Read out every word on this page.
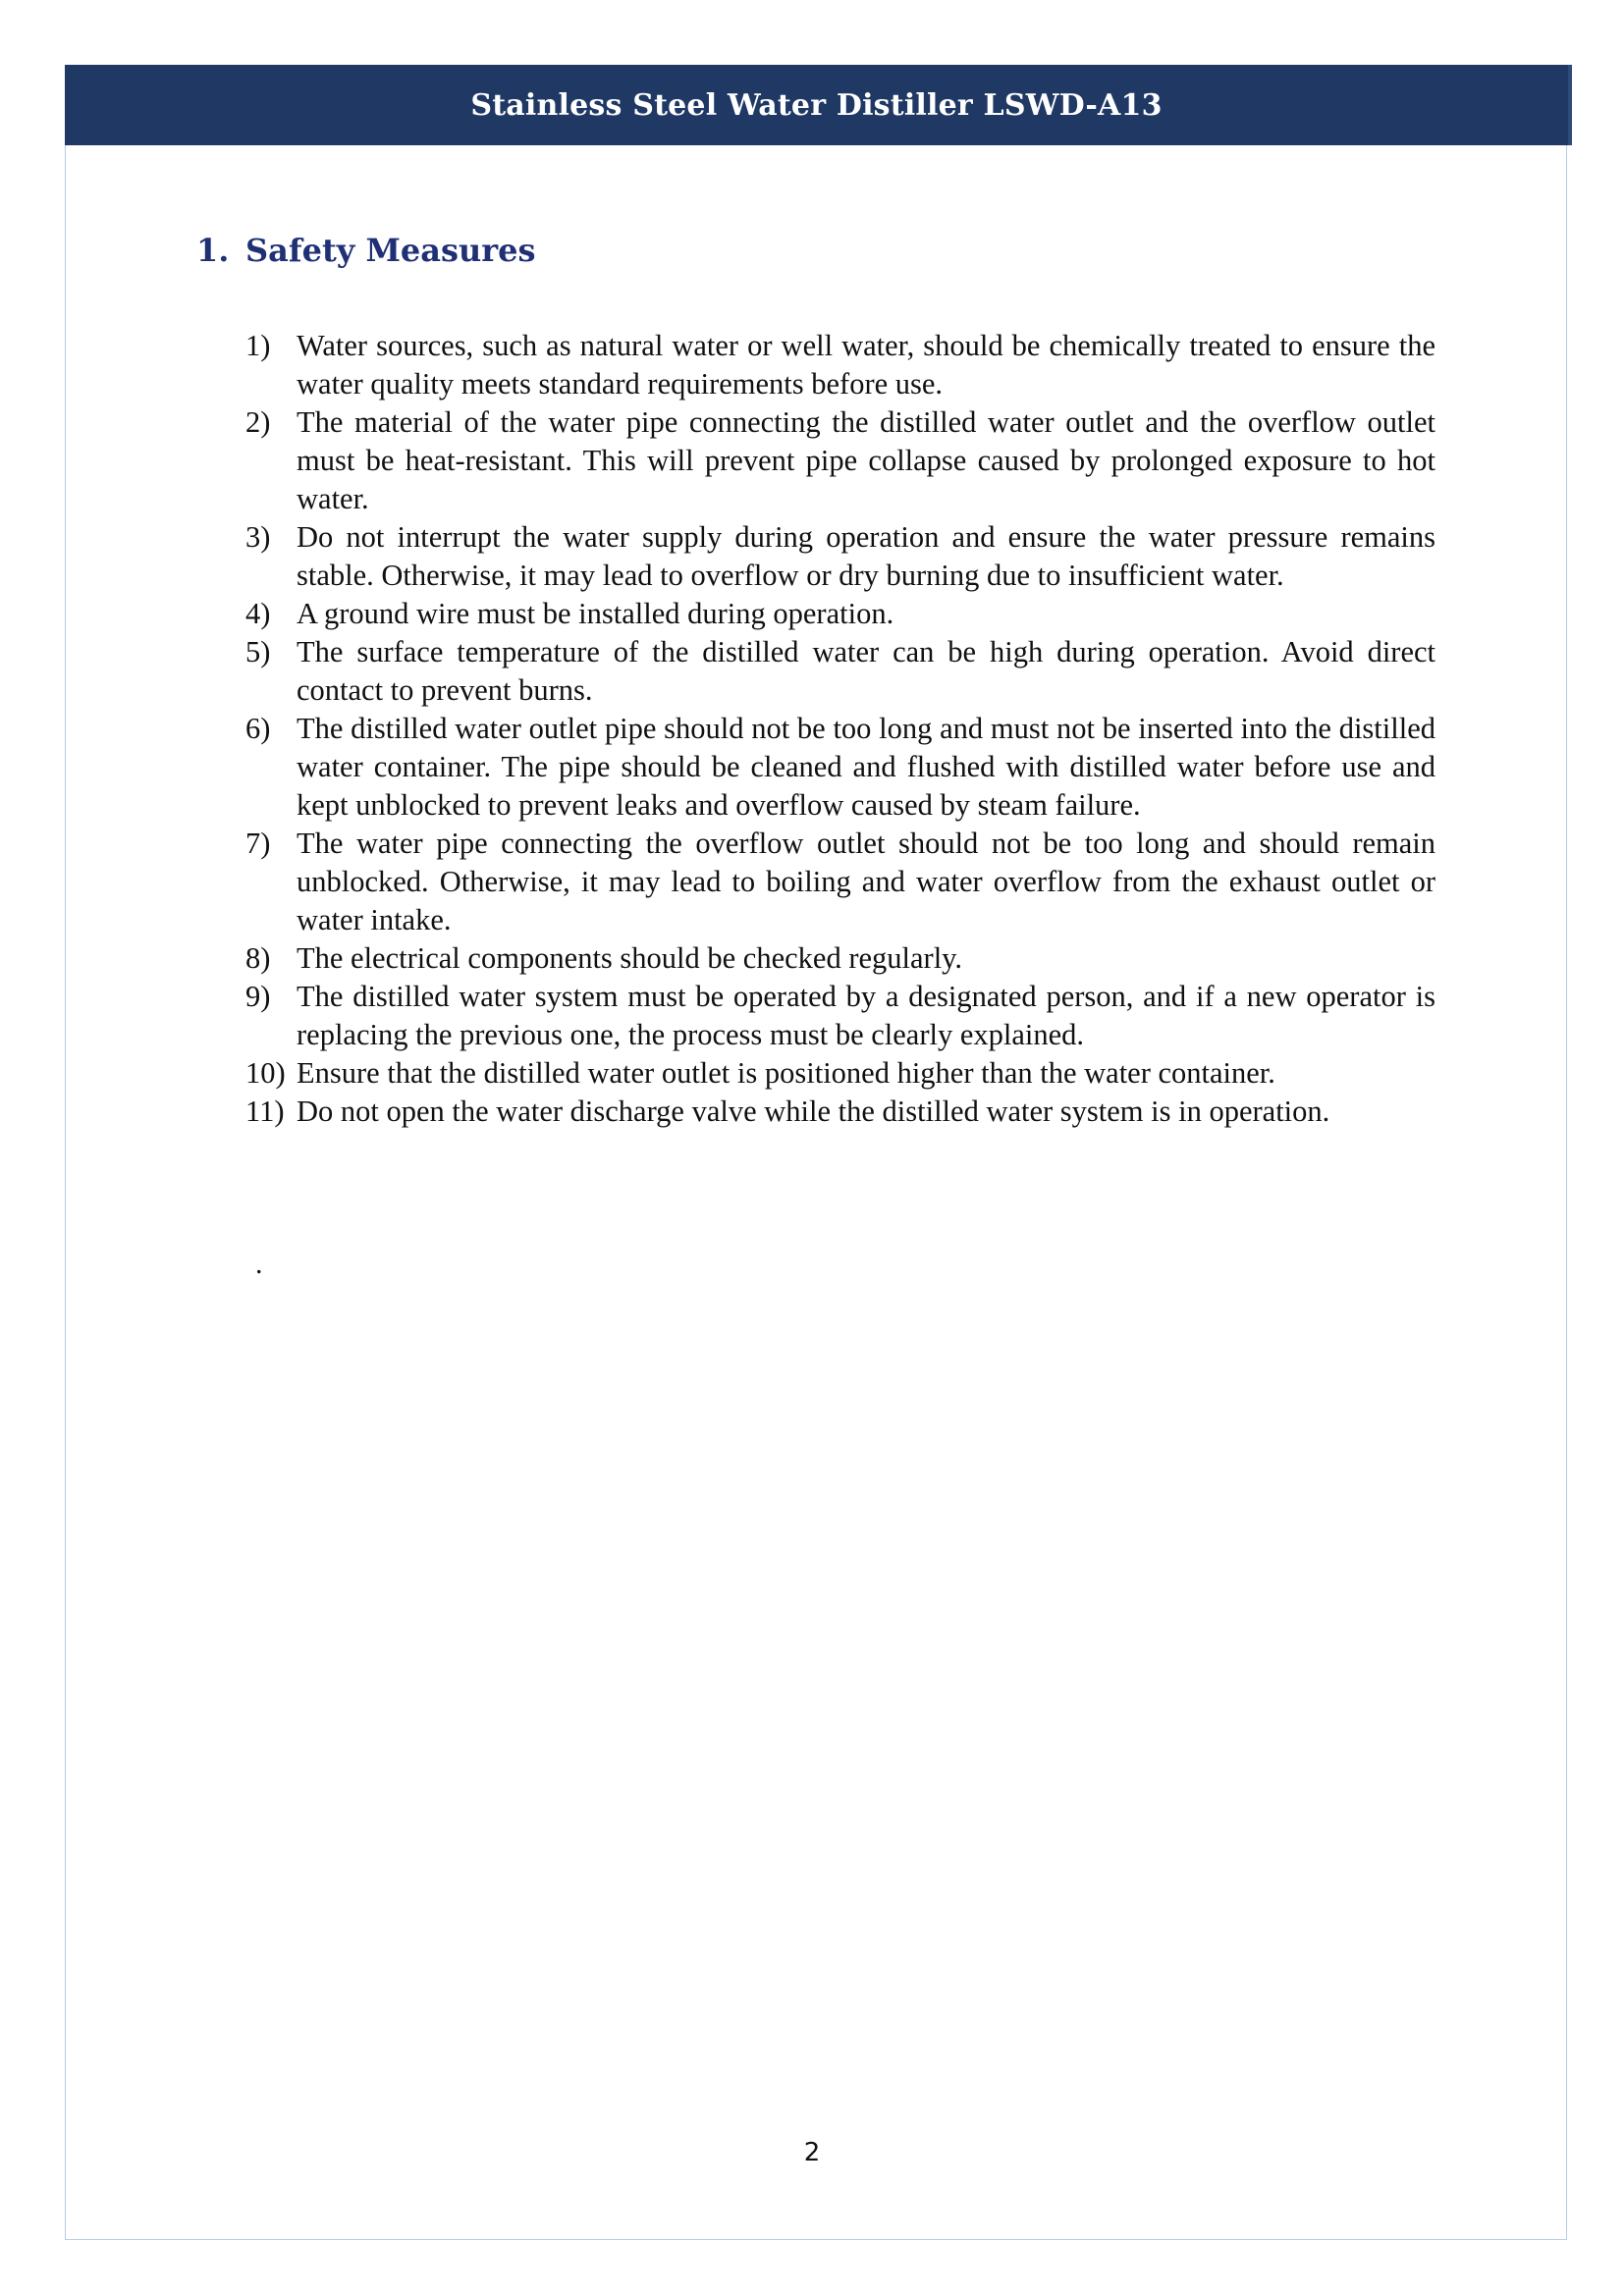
Stainless Steel Water Distiller LSWD-A13
1. Safety Measures
1) Water sources, such as natural water or well water, should be chemically treated to ensure the water quality meets standard requirements before use.
2) The material of the water pipe connecting the distilled water outlet and the overflow outlet must be heat-resistant. This will prevent pipe collapse caused by prolonged exposure to hot water.
3) Do not interrupt the water supply during operation and ensure the water pressure remains stable. Otherwise, it may lead to overflow or dry burning due to insufficient water.
4) A ground wire must be installed during operation.
5) The surface temperature of the distilled water can be high during operation. Avoid direct contact to prevent burns.
6) The distilled water outlet pipe should not be too long and must not be inserted into the distilled water container. The pipe should be cleaned and flushed with distilled water before use and kept unblocked to prevent leaks and overflow caused by steam failure.
7) The water pipe connecting the overflow outlet should not be too long and should remain unblocked. Otherwise, it may lead to boiling and water overflow from the exhaust outlet or water intake.
8) The electrical components should be checked regularly.
9) The distilled water system must be operated by a designated person, and if a new operator is replacing the previous one, the process must be clearly explained.
10) Ensure that the distilled water outlet is positioned higher than the water container.
11) Do not open the water discharge valve while the distilled water system is in operation.
.
2
